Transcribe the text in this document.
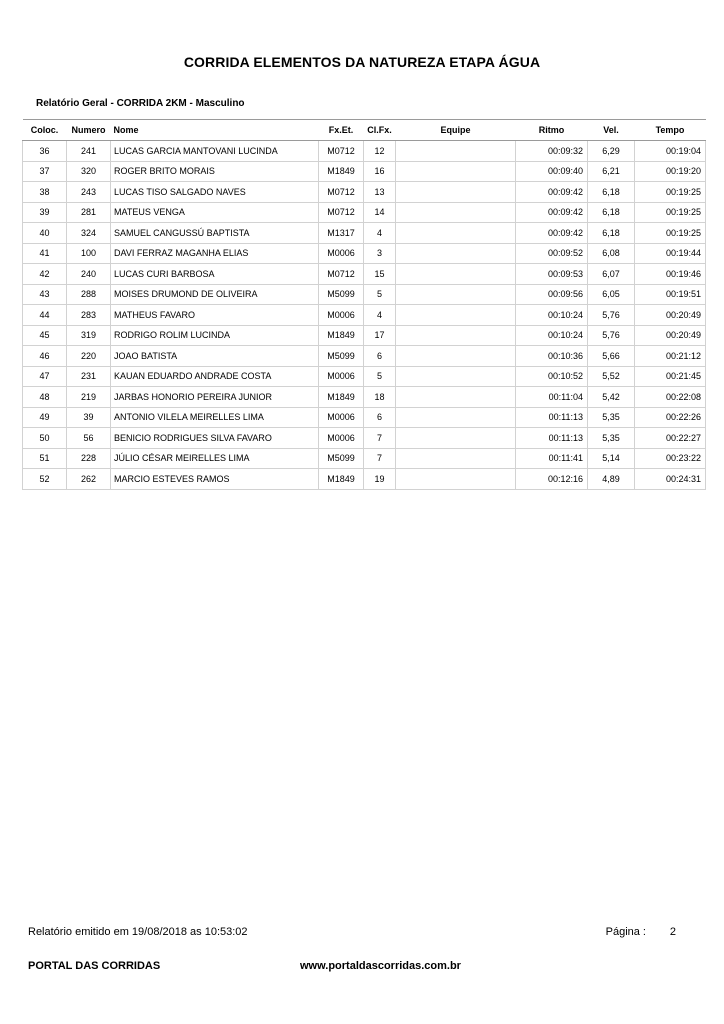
CORRIDA ELEMENTOS DA NATUREZA ETAPA ÁGUA
Relatório Geral - CORRIDA 2KM - Masculino
Coloc.	Numero	Nome	Fx.Et.	Cl.Fx.	Equipe	Ritmo	Vel.	Tempo
36	241	LUCAS GARCIA MANTOVANI LUCINDA	M0712	12		00:09:32	6,29	00:19:04
37	320	ROGER BRITO MORAIS	M1849	16		00:09:40	6,21	00:19:20
38	243	LUCAS TISO SALGADO NAVES	M0712	13		00:09:42	6,18	00:19:25
39	281	MATEUS VENGA	M0712	14		00:09:42	6,18	00:19:25
40	324	SAMUEL CANGUSSÚ BAPTISTA	M1317	4		00:09:42	6,18	00:19:25
41	100	DAVI FERRAZ MAGANHA ELIAS	M0006	3		00:09:52	6,08	00:19:44
42	240	LUCAS CURI BARBOSA	M0712	15		00:09:53	6,07	00:19:46
43	288	MOISES DRUMOND DE OLIVEIRA	M5099	5		00:09:56	6,05	00:19:51
44	283	MATHEUS FAVARO	M0006	4		00:10:24	5,76	00:20:49
45	319	RODRIGO ROLIM LUCINDA	M1849	17		00:10:24	5,76	00:20:49
46	220	JOAO BATISTA	M5099	6		00:10:36	5,66	00:21:12
47	231	KAUAN EDUARDO ANDRADE COSTA	M0006	5		00:10:52	5,52	00:21:45
48	219	JARBAS HONORIO PEREIRA JUNIOR	M1849	18		00:11:04	5,42	00:22:08
49	39	ANTONIO VILELA MEIRELLES LIMA	M0006	6		00:11:13	5,35	00:22:26
50	56	BENICIO RODRIGUES SILVA FAVARO	M0006	7		00:11:13	5,35	00:22:27
51	228	JÚLIO CÉSAR MEIRELLES LIMA	M5099	7		00:11:41	5,14	00:23:22
52	262	MARCIO ESTEVES RAMOS	M1849	19		00:12:16	4,89	00:24:31
Relatório emitido em 19/08/2018 as 10:53:02	Página : 2
PORTAL DAS CORRIDAS	www.portaldascorridas.com.br
